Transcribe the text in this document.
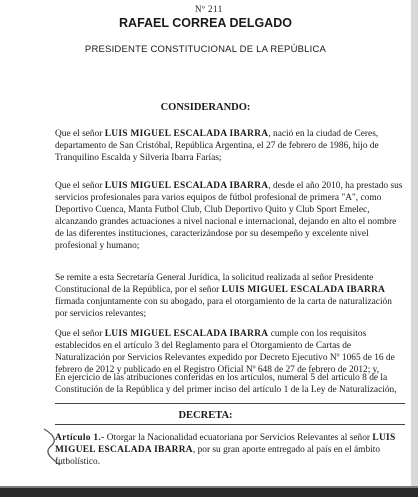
Nº 211
RAFAEL CORREA DELGADO
PRESIDENTE CONSTITUCIONAL DE LA REPÚBLICA
CONSIDERANDO:

Que el señor LUIS MIGUEL ESCALADA IBARRA, nació en la ciudad de Ceres, departamento de San Cristóbal, República Argentina, el 27 de febrero de 1986, hijo de Tranquilino Escalda y Silveria Ibarra Farías;

Que el señor LUIS MIGUEL ESCALADA IBARRA, desde el año 2010, ha prestado sus servicios profesionales para varios equipos de fútbol profesional de primera "A", como Deportivo Cuenca, Manta Futbol Club, Club Deportivo Quito y Club Sport Emelec, alcanzando grandes actuaciones a nivel nacional e internacional, dejando en alto el nombre de las diferentes instituciones, caracterizándose por su desempeño y excelente nivel profesional y humano;

Se remite a esta Secretaría General Jurídica, la solicitud realizada al señor Presidente Constitucional de la República, por el señor LUIS MIGUEL ESCALADA IBARRA firmada conjuntamente con su abogado, para el otorgamiento de la carta de naturalización por servicios relevantes;

Que el señor LUIS MIGUEL ESCALADA IBARRA cumple con los requisitos establecidos en el artículo 3 del Reglamento para el Otorgamiento de Cartas de Naturalización por Servicios Relevantes expedido por Decreto Ejecutivo Nº 1065 de 16 de febrero de 2012 y publicado en el Registro Oficial Nº 648 de 27 de febrero de 2012; y,

En ejercicio de las atribuciones conferidas en los artículos, numeral 5 del artículo 8 de la Constitución de la República y del primer inciso del artículo 1 de la Ley de Naturalización,

DECRETA:

Artículo 1.- Otorgar la Nacionalidad ecuatoriana por Servicios Relevantes al señor LUIS MIGUEL ESCALADA IBARRA, por su gran aporte entregado al país en el ámbito futbolístico.
